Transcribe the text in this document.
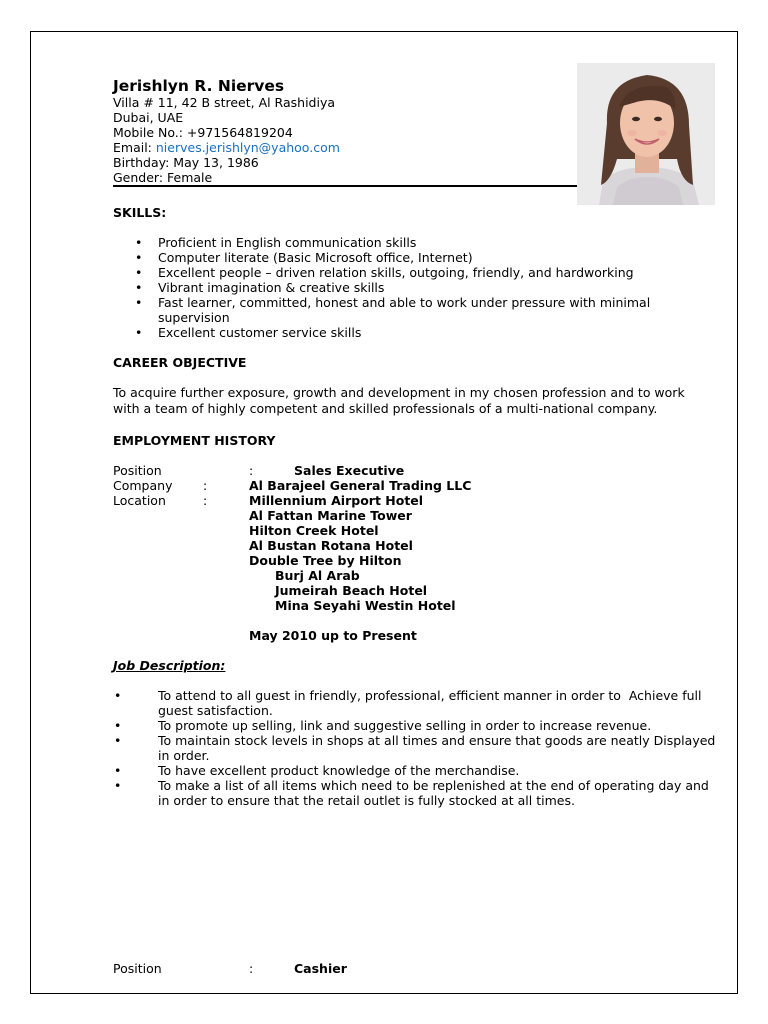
Jerishlyn R. Nierves
Villa # 11, 42 B street, Al Rashidiya
Dubai, UAE
Mobile No.: +971564819204
Email: nierves.jerishlyn@yahoo.com
Birthday: May 13, 1986
Gender: Female
SKILLS:
• Proficient in English communication skills
• Computer literate (Basic Microsoft office, Internet)
• Excellent people – driven relation skills, outgoing, friendly, and hardworking
• Vibrant imagination & creative skills
• Fast learner, committed, honest and able to work under pressure with minimal supervision
• Excellent customer service skills
CAREER OBJECTIVE
To acquire further exposure, growth and development in my chosen profession and to work with a team of highly competent and skilled professionals of a multi-national company.
EMPLOYMENT HISTORY
Position	:	Sales Executive
Company :	Al Barajeel General Trading LLC
Location	:	Millennium Airport Hotel
Al Fattan Marine Tower
Hilton Creek Hotel
Al Bustan Rotana Hotel
Double Tree by Hilton
Burj Al Arab
Jumeirah Beach Hotel
Mina Seyahi Westin Hotel
May 2010 up to Present
Job Description:
• To attend to all guest in friendly, professional, efficient manner in order to  Achieve full guest satisfaction.
• To promote up selling, link and suggestive selling in order to increase revenue.
• To maintain stock levels in shops at all times and ensure that goods are neatly Displayed in order.
• To have excellent product knowledge of the merchandise.
• To make a list of all items which need to be replenished at the end of operating day and in order to ensure that the retail outlet is fully stocked at all times.
Position	:	Cashier
